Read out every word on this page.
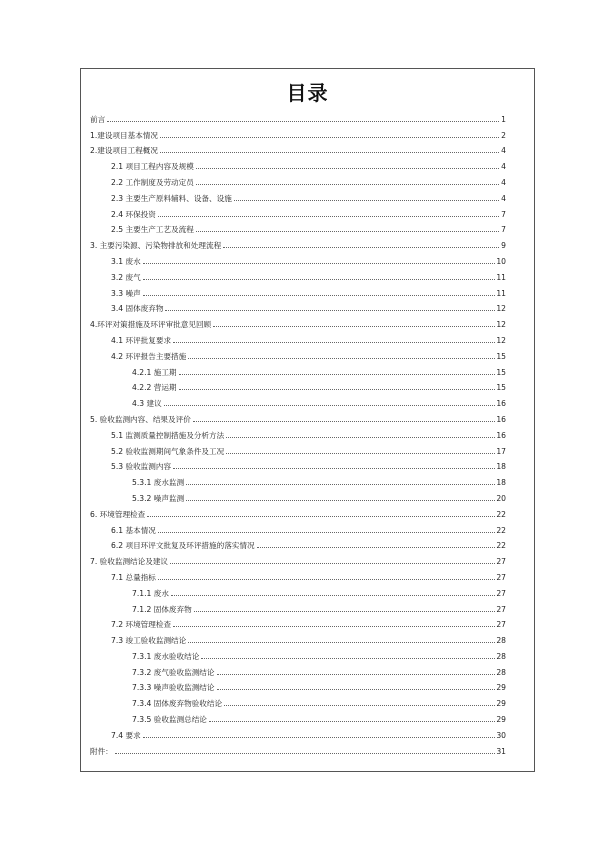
目录
前言	1
1.建设项目基本情况	2
2.建设项目工程概况	4
2.1 项目工程内容及规模	4
2.2 工作制度及劳动定员	4
2.3 主要生产原料辅料、设备、设施	4
2.4 环保投资	7
2.5 主要生产工艺及流程	7
3. 主要污染源、污染物排放和处理流程	9
3.1 废水	10
3.2 废气	11
3.3 噪声	11
3.4 固体废弃物	12
4.环评对策措施及环评审批意见回顾	12
4.1 环评批复要求	12
4.2 环评报告主要措施	15
4.2.1 施工期	15
4.2.2 营运期	15
4.3 建议	16
5. 验收监测内容、结果及评价	16
5.1 监测质量控制措施及分析方法	16
5.2 验收监测期间气象条件及工况	17
5.3 验收监测内容	18
5.3.1 废水监测	18
5.3.2 噪声监测	20
6. 环境管理检查	22
6.1 基本情况	22
6.2 项目环评文批复及环评措施的落实情况	22
7. 验收监测结论及建议	27
7.1 总量指标	27
7.1.1 废水	27
7.1.2 固体废弃物	27
7.2 环境管理检查	27
7.3 竣工验收监测结论	28
7.3.1 废水验收结论	28
7.3.2 废气验收监测结论	28
7.3.3 噪声验收监测结论	29
7.3.4 固体废弃物验收结论	29
7.3.5 验收监测总结论	29
7.4 要求	30
附件：	31
